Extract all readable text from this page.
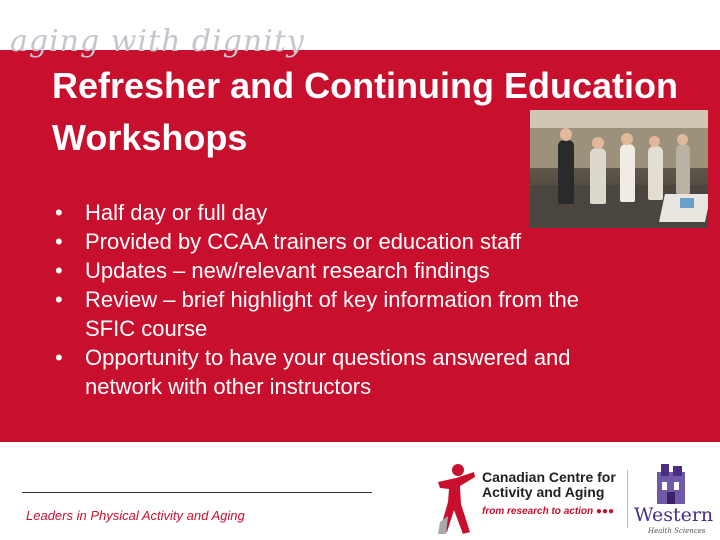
aging with dignity
Refresher and Continuing Education Workshops
• Half day or full day
• Provided by CCAA trainers or education staff
• Updates – new/relevant research findings
• Review – brief highlight of key information from the SFIC course
• Opportunity to have your questions answered and network with other instructors
Leaders in Physical Activity and Aging
Canadian Centre for Activity and Aging
from research to action ●●● Western
Health Sciences
